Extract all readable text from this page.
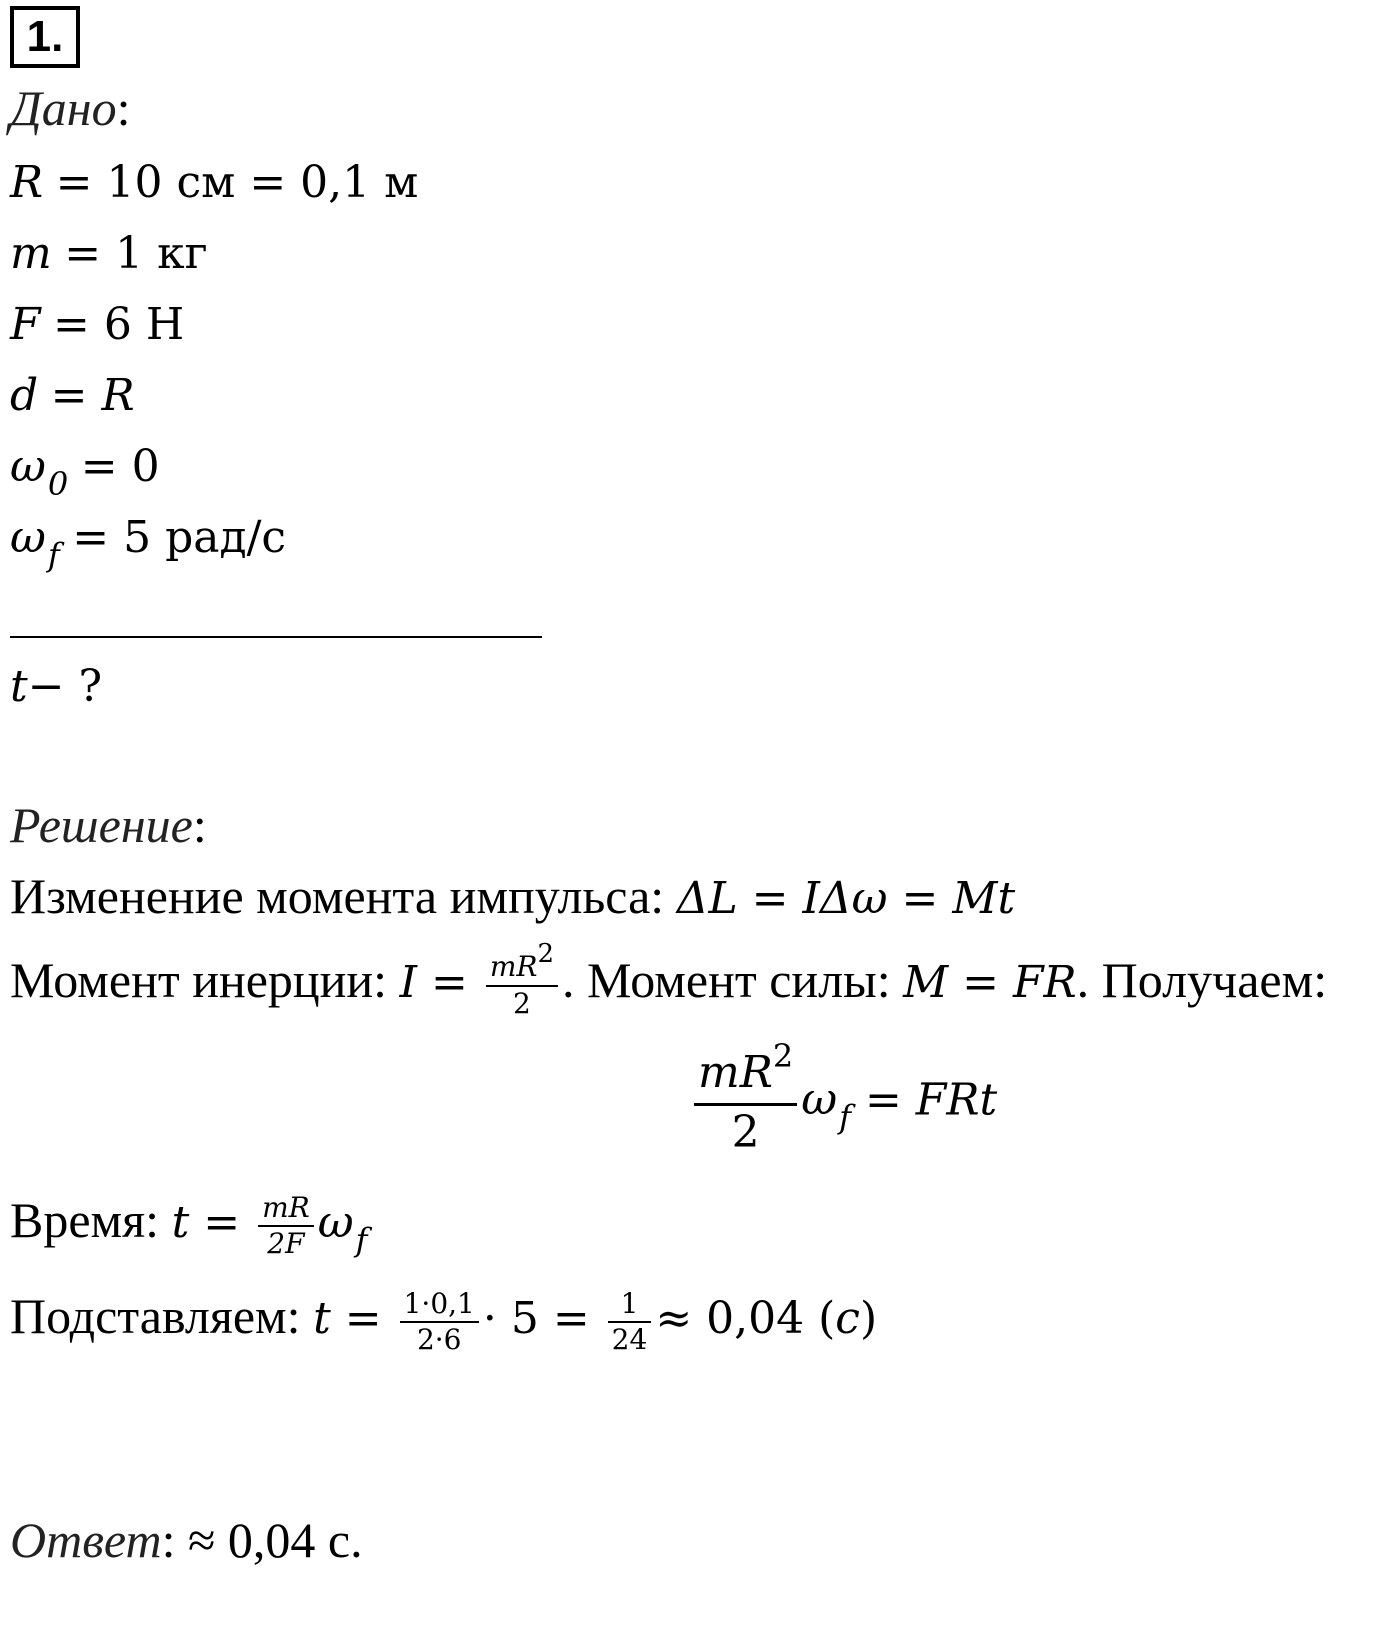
1.
Дано:
R = 10 см = 0,1 м
m = 1 кг
F = 6 Н
d = R
$\omega_0 = 0$
$\omega_f = 5$ рад/с
t− ?
Решение:
Изменение момента импульса: ΔL = IΔω = Mt
Момент инерции: $I = \frac{mR2}{2}$ . Момент силы: M = FR. Получаем:
$\frac{mR^2}{2} \omega_f$ = FRt
Время: $t = \frac{mR}{2F} \omega_f$
Подставляем: $t = \frac{1\cdot 0,1}{2\cdot 6} \cdot 5 = \frac{1}{24} \approx 0,04$ (c)
Ответ: ≈ 0,04 с.
